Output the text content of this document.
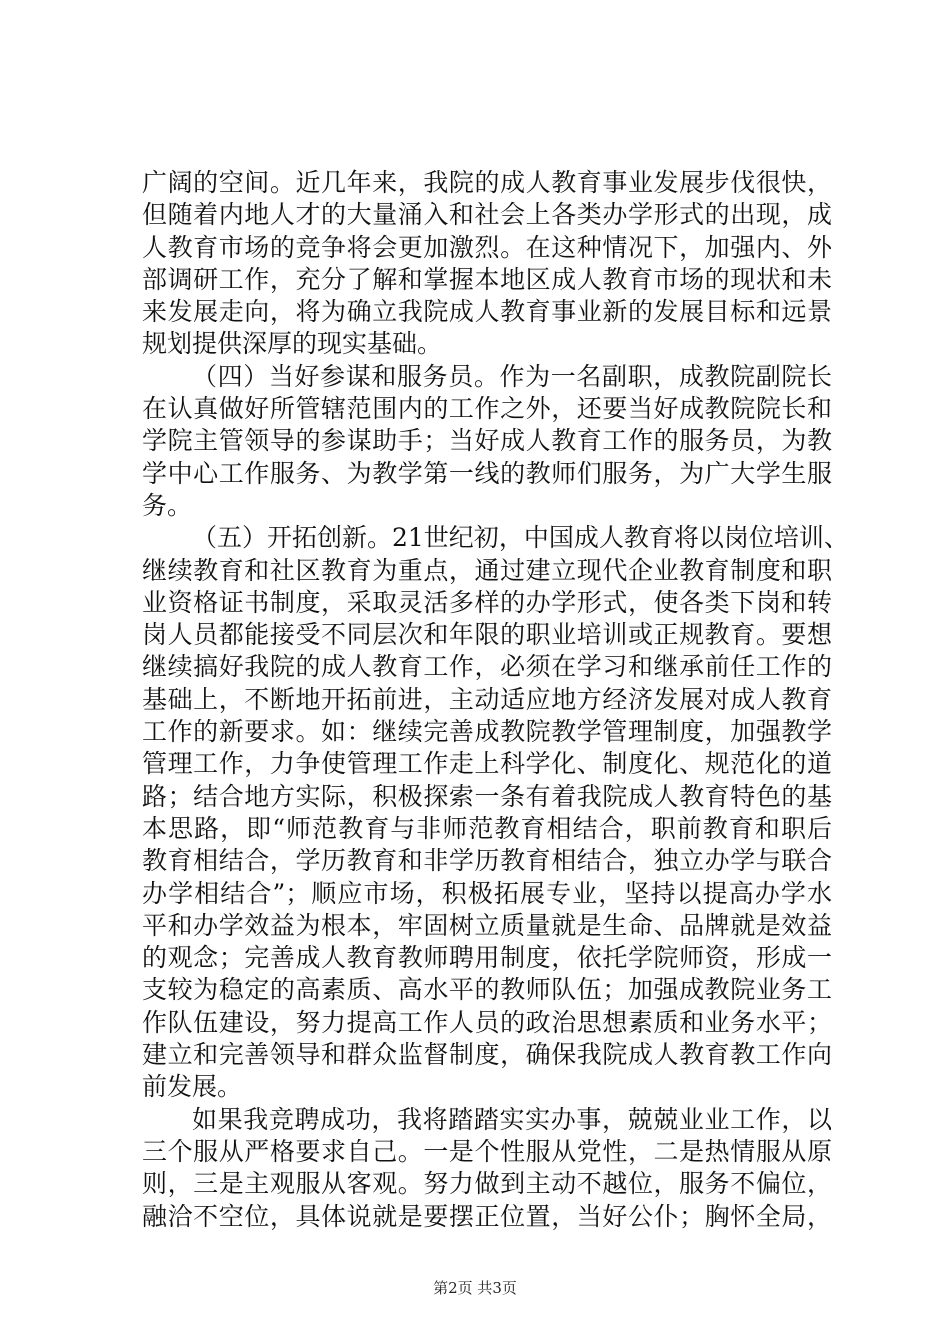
广阔的空间。近几年来，我院的成人教育事业发展步伐很快，
但随着内地人才的大量涌入和社会上各类办学形式的出现，成
人教育市场的竞争将会更加激烈。在这种情况下，加强内、外
部调研工作，充分了解和掌握本地区成人教育市场的现状和未
来发展走向，将为确立我院成人教育事业新的发展目标和远景
规划提供深厚的现实基础。
（四）当好参谋和服务员。作为一名副职，成教院副院长
在认真做好所管辖范围内的工作之外，还要当好成教院院长和
学院主管领导的参谋助手；当好成人教育工作的服务员，为教
学中心工作服务、为教学第一线的教师们服务，为广大学生服
务。
（五）开拓创新。21世纪初，中国成人教育将以岗位培训、
继续教育和社区教育为重点，通过建立现代企业教育制度和职
业资格证书制度，采取灵活多样的办学形式，使各类下岗和转
岗人员都能接受不同层次和年限的职业培训或正规教育。要想
继续搞好我院的成人教育工作，必须在学习和继承前任工作的
基础上，不断地开拓前进，主动适应地方经济发展对成人教育
工作的新要求。如：继续完善成教院教学管理制度，加强教学
管理工作，力争使管理工作走上科学化、制度化、规范化的道
路；结合地方实际，积极探索一条有着我院成人教育特色的基
本思路，即“师范教育与非师范教育相结合，职前教育和职后
教育相结合，学历教育和非学历教育相结合，独立办学与联合
办学相结合”；顺应市场，积极拓展专业，坚持以提高办学水
平和办学效益为根本，牢固树立质量就是生命、品牌就是效益
的观念；完善成人教育教师聘用制度，依托学院师资，形成一
支较为稳定的高素质、高水平的教师队伍；加强成教院业务工
作队伍建设，努力提高工作人员的政治思想素质和业务水平；
建立和完善领导和群众监督制度，确保我院成人教育教工作向
前发展。
如果我竞聘成功，我将踏踏实实办事，兢兢业业工作，以
三个服从严格要求自己。一是个性服从党性，二是热情服从原
则，三是主观服从客观。努力做到主动不越位，服务不偏位，
融洽不空位，具体说就是要摆正位置，当好公仆；胸怀全局，
第2页 共3页
